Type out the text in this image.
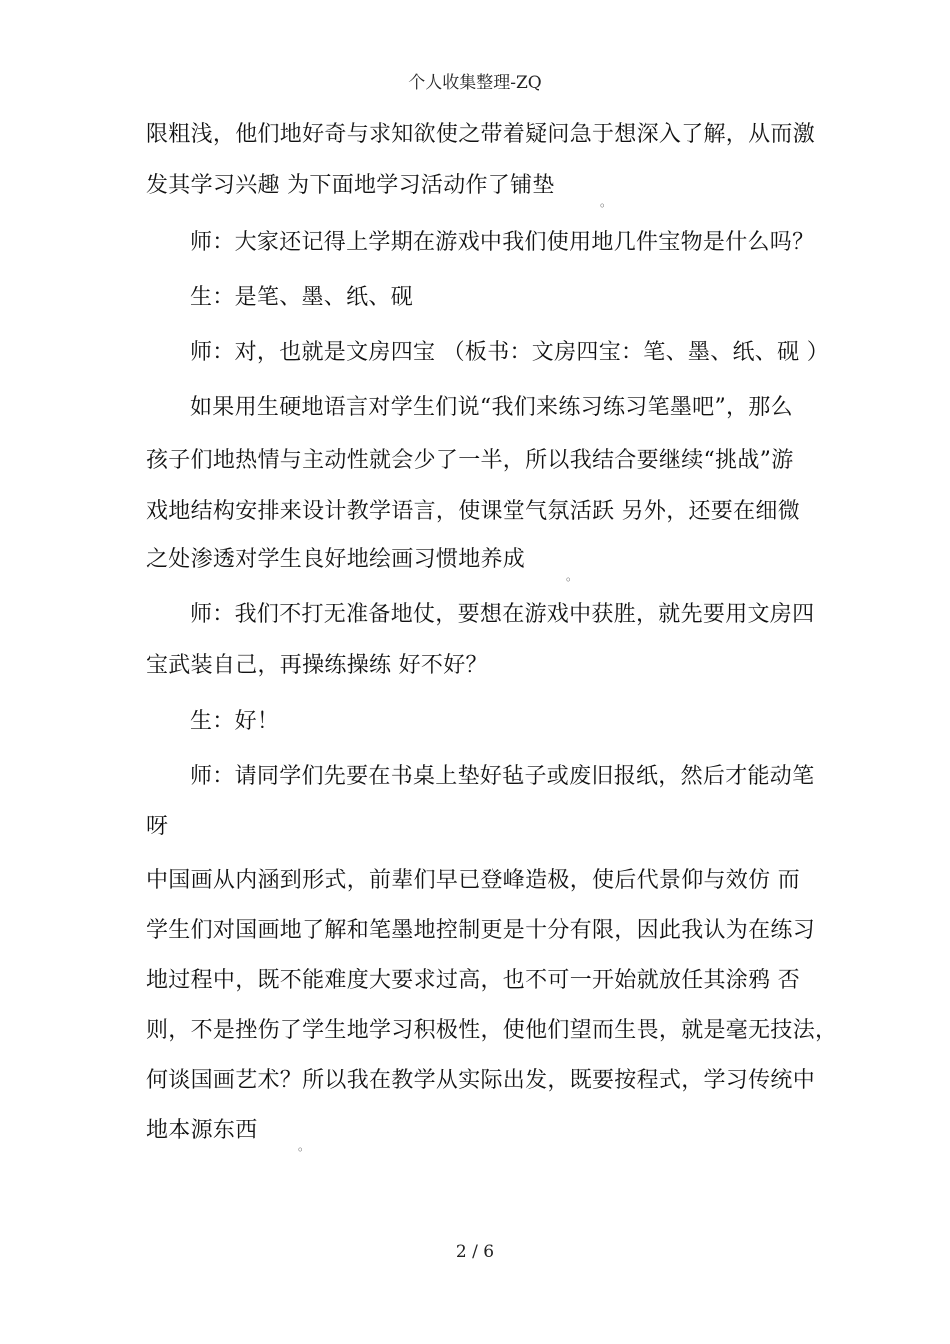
个人收集整理-ZQ
限粗浅，他们地好奇与求知欲使之带着疑问急于想深入了解，从而激
发其学习兴趣 为下面地学习活动作了铺垫
。
师：大家还记得上学期在游戏中我们使用地几件宝物是什么吗？
生：是笔、墨、纸、砚
师：对，也就是文房四宝 （板书：文房四宝：笔、墨、纸、砚 ）
如果用生硬地语言对学生们说“我们来练习练习笔墨吧”，那么
孩子们地热情与主动性就会少了一半，所以我结合要继续“挑战”游
戏地结构安排来设计教学语言，使课堂气氛活跃 另外，还要在细微
之处渗透对学生良好地绘画习惯地养成
。
师：我们不打无准备地仗，要想在游戏中获胜，就先要用文房四
宝武装自己，再操练操练 好不好？
生：好！
师：请同学们先要在书桌上垫好毡子或废旧报纸，然后才能动笔
呀
中国画从内涵到形式，前辈们早已登峰造极，使后代景仰与效仿 而
学生们对国画地了解和笔墨地控制更是十分有限，因此我认为在练习
地过程中，既不能难度大要求过高，也不可一开始就放任其涂鸦 否
则，不是挫伤了学生地学习积极性，使他们望而生畏，就是毫无技法，
何谈国画艺术？所以我在教学从实际出发，既要按程式，学习传统中
地本源东西
。
2 / 6
